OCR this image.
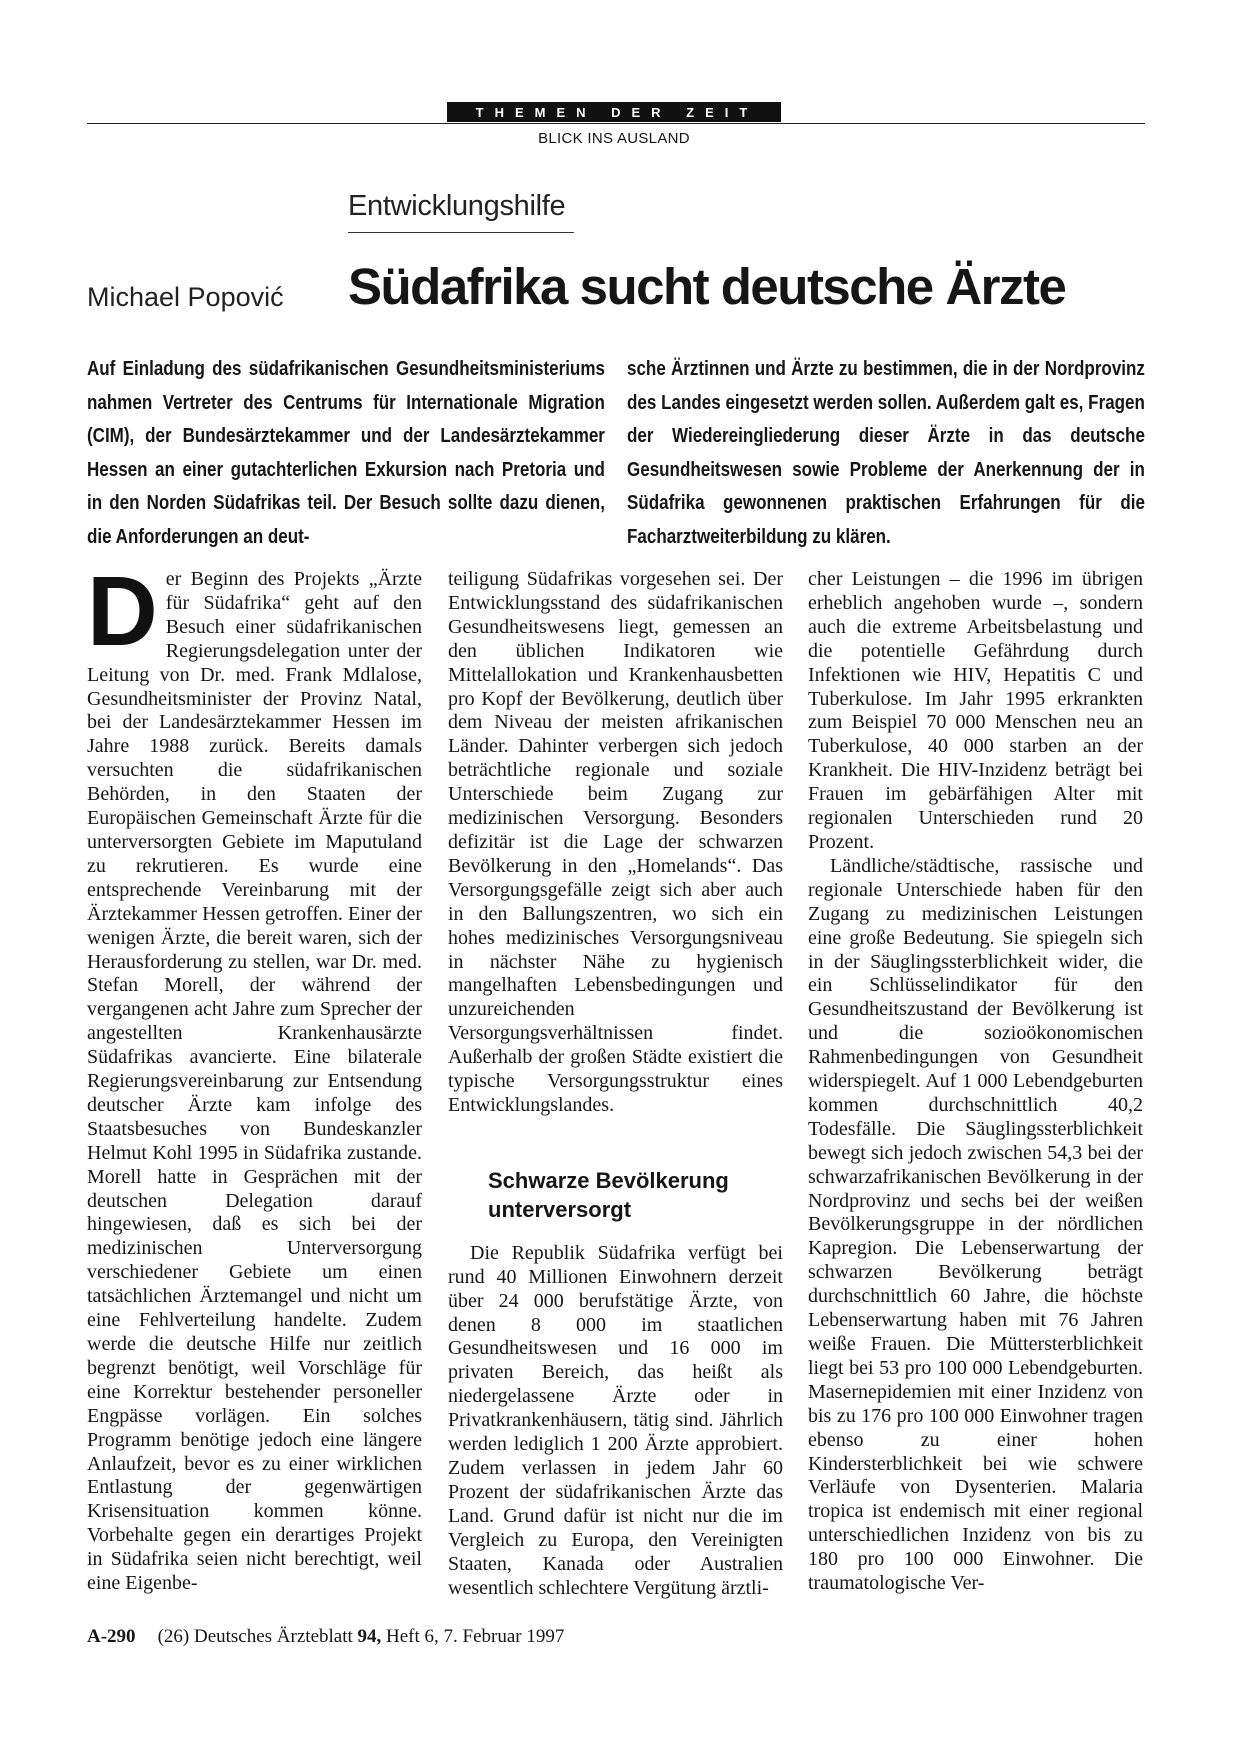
THEMEN DER ZEIT
BLICK INS AUSLAND
Entwicklungshilfe
Michael Popović Südafrika sucht deutsche Ärzte
Auf Einladung des südafrikanischen Gesundheitsministeriums nahmen Vertreter des Centrums für Internationale Migration (CIM), der Bundesärztekammer und der Landesärztekammer Hessen an einer gutachterlichen Exkursion nach Pretoria und in den Norden Südafrikas teil. Der Besuch sollte dazu dienen, die Anforderungen an deut-
sche Ärztinnen und Ärzte zu bestimmen, die in der Nordprovinz des Landes eingesetzt werden sollen. Außerdem galt es, Fragen der Wiedereingliederung dieser Ärzte in das deutsche Gesundheitswesen sowie Probleme der Anerkennung der in Südafrika gewonnenen praktischen Erfahrungen für die Facharztweiterbildung zu klären.
D er Beginn des Projekts „Ärzte für Südafrika“ geht auf den Besuch einer südafrikanischen Regierungsdelegation unter der Leitung von Dr. med. Frank Mdlalose, Gesundheitsminister der Provinz Natal, bei der Landesärztekammer Hessen im Jahre 1988 zurück. Bereits damals versuchten die südafrikanischen Behörden, in den Staaten der Europäischen Gemeinschaft Ärzte für die unterversorgten Gebiete im Maputuland zu rekrutieren. Es wurde eine entsprechende Vereinbarung mit der Ärztekammer Hessen getroffen. Einer der wenigen Ärzte, die bereit waren, sich der Herausforderung zu stellen, war Dr. med. Stefan Morell, der während der vergangenen acht Jahre zum Sprecher der angestellten Krankenhausärzte Südafrikas avancierte. Eine bilaterale Regierungsvereinbarung zur Entsendung deutscher Ärzte kam infolge des Staatsbesuches von Bundeskanzler Helmut Kohl 1995 in Südafrika zustande. Morell hatte in Gesprächen mit der deutschen Delegation darauf hingewiesen, daß es sich bei der medizinischen Unterversorgung verschiedener Gebiete um einen tatsächlichen Ärztemangel und nicht um eine Fehlverteilung handelte. Zudem werde die deutsche Hilfe nur zeitlich begrenzt benötigt, weil Vorschläge für eine Korrektur bestehender personeller Engpässe vorlägen. Ein solches Programm benötige jedoch eine längere Anlaufzeit, bevor es zu einer wirklichen Entlastung der gegenwärtigen Krisensituation kommen könne. Vorbehalte gegen ein derartiges Projekt in Südafrika seien nicht berechtigt, weil eine Eigenbe-

teiligung Südafrikas vorgesehen sei. Der Entwicklungsstand des südafrikanischen Gesundheitswesens liegt, gemessen an den üblichen Indikatoren wie Mittelallokation und Krankenhausbetten pro Kopf der Bevölkerung, deutlich über dem Niveau der meisten afrikanischen Länder. Dahinter verbergen sich jedoch beträchtliche regionale und soziale Unterschiede beim Zugang zur medizinischen Versorgung. Besonders defizitär ist die Lage der schwarzen Bevölkerung in den „Homelands“. Das Versorgungsgefälle zeigt sich aber auch in den Ballungszentren, wo sich ein hohes medizinisches Versorgungsniveau in nächster Nähe zu hygienisch mangelhaften Lebensbedingungen und unzureichenden Versorgungsverhältnissen findet. Außerhalb der großen Städte existiert die typische Versorgungsstruktur eines Entwicklungslandes.

Schwarze Bevölkerung unterversorgt

Die Republik Südafrika verfügt bei rund 40 Millionen Einwohnern derzeit über 24 000 berufstätige Ärzte, von denen 8 000 im staatlichen Gesundheitswesen und 16 000 im privaten Bereich, das heißt als niedergelassene Ärzte oder in Privatkrankenhäusern, tätig sind. Jährlich werden lediglich 1 200 Ärzte approbiert. Zudem verlassen in jedem Jahr 60 Prozent der südafrikanischen Ärzte das Land. Grund dafür ist nicht nur die im Vergleich zu Europa, den Vereinigten Staaten, Kanada oder Australien wesentlich schlechtere Vergütung ärztli-

cher Leistungen – die 1996 im übrigen erheblich angehoben wurde –, sondern auch die extreme Arbeitsbelastung und die potentielle Gefährdung durch Infektionen wie HIV, Hepatitis C und Tuberkulose. Im Jahr 1995 erkrankten zum Beispiel 70 000 Menschen neu an Tuberkulose, 40 000 starben an der Krankheit. Die HIV-Inzidenz beträgt bei Frauen im gebärfähigen Alter mit regionalen Unterschieden rund 20 Prozent.

Ländliche/städtische, rassische und regionale Unterschiede haben für den Zugang zu medizinischen Leistungen eine große Bedeutung. Sie spiegeln sich in der Säuglingssterblichkeit wider, die ein Schlüsselindikator für den Gesundheitszustand der Bevölkerung ist und die sozioökonomischen Rahmenbedingungen von Gesundheit widerspiegelt. Auf 1 000 Lebendgeburten kommen durchschnittlich 40,2 Todesfälle. Die Säuglingssterblichkeit bewegt sich jedoch zwischen 54,3 bei der schwarzafrikanischen Bevölkerung in der Nordprovinz und sechs bei der weißen Bevölkerungsgruppe in der nördlichen Kapregion. Die Lebenserwartung der schwarzen Bevölkerung beträgt durchschnittlich 60 Jahre, die höchste Lebenserwartung haben mit 76 Jahren weiße Frauen. Die Müttersterblichkeit liegt bei 53 pro 100 000 Lebendgeburten. Masernepidemien mit einer Inzidenz von bis zu 176 pro 100 000 Einwohner tragen ebenso zu einer hohen Kindersterblichkeit bei wie schwere Verläufe von Dysenterien. Malaria tropica ist endemisch mit einer regional unterschiedlichen Inzidenz von bis zu 180 pro 100 000 Einwohner. Die traumatologische Ver-

A-290 (26) Deutsches Ärzteblatt 94, Heft 6, 7. Februar 1997
